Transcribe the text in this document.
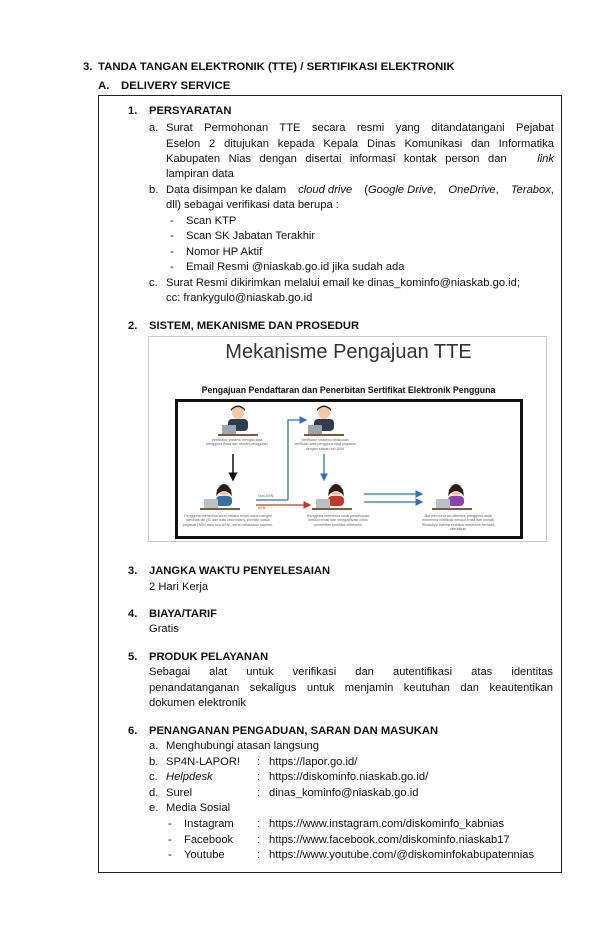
3. TANDA TANGAN ELEKTRONIK (TTE) / SERTIFIKASI ELEKTRONIK
A. DELIVERY SERVICE
1. PERSYARATAN
a. Surat Permohonan TTE secara resmi yang ditandatangani Pejabat
Eselon 2 ditujukan kepada Kepala Dinas Komunikasi dan Informatika
Kabupaten Nias dengan disertai informasi kontak person dan	link
lampiran data
b. Data disimpan ke dalam cloud drive (Google Drive, OneDrive, Terabox,
dll) sebagai verifikasi data berupa :
- Scan KTP
- Scan SK Jabatan Terakhir
- Nomor HP Aktif
- Email Resmi @niaskab.go.id jika sudah ada
c. Surat Resmi dikirimkan melalui email ke dinas_kominfo@niaskab.go.id;
cc: frankygulo@niaskab.go.id
2. SISTEM, MEKANISME DAN PROSEDUR
Mekanisme Pengajuan TTE
Pengajuan Pendaftaran dan Penerbitan Sertifikat Elektronik Pengguna
Verifikator Instansi mengisi data pengguna (bisa dan sendiri pengguna)
Verifikator Instansi melakukan verifikasi data pengguna bagi pegawai dengan status non-ASN
Non-ASN
ASN
Pengguna menerima surat melalui email untuk mengisi identitas diri (ID dan data kesehatan), memilih status pegawai (ASN atau non-ASN), serta melakukan swafoto.
Pengguna menerima surat persetujuan melalui email dan mengaktivasi untuk penerbitan sertifikat elektronik
Jika permohonan diterima, pengguna akan menerima notifikasi melalui email dan kontak WhatsApp bahwa sertifikat elektronik berhasil diterbitkan
3. JANGKA WAKTU PENYELESAIAN
2 Hari Kerja
4. BIAYA/TARIF
Gratis
5. PRODUK PELAYANAN
Sebagai alat untuk verifikasi dan autentifikasi atas identitas
penandatanganan sekaligus untuk menjamin keutuhan dan keautentikan
dokumen elektronik
6. PENANGANAN PENGADUAN, SARAN DAN MASUKAN
a. Menghubungi atasan langsung
b. SP4N-LAPOR! : https://lapor.go.id/
c. Helpdesk	: https://diskominfo.niaskab.go.id/
d. Surel	: dinas_kominfo@niaskab.go.id
e. Media Sosial
- Instagram : https://www.instagram.com/diskominfo_kabnias
- Facebook : https://www.facebook.com/diskominfo.niaskab17
- Youtube	: https://www.youtube.com/@diskominfokabupatennias
